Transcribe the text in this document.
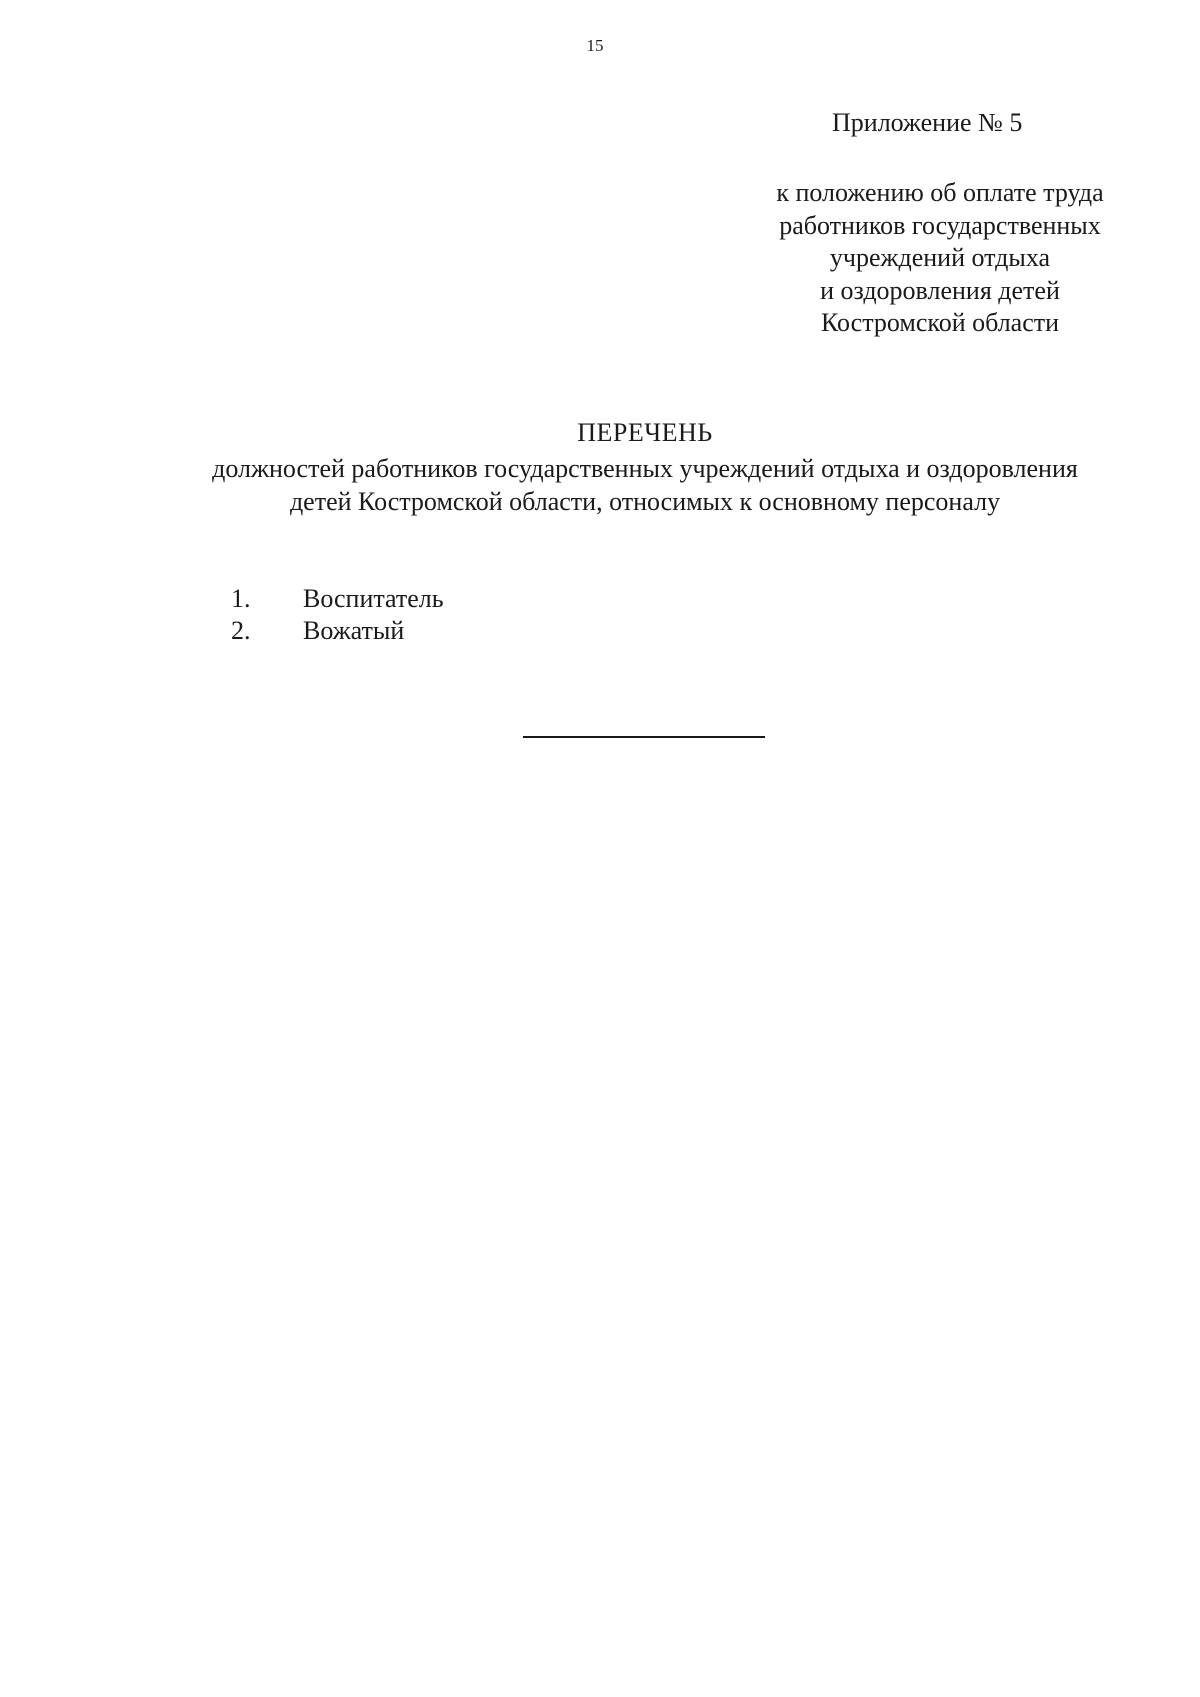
15
Приложение № 5
к положению об оплате труда
работников государственных
учреждений отдыха
и оздоровления детей
Костромской области
ПЕРЕЧЕНЬ
должностей работников государственных учреждений отдыха и оздоровления
детей Костромской области, относимых к основному персоналу
1.	Воспитатель
2.	Вожатый
